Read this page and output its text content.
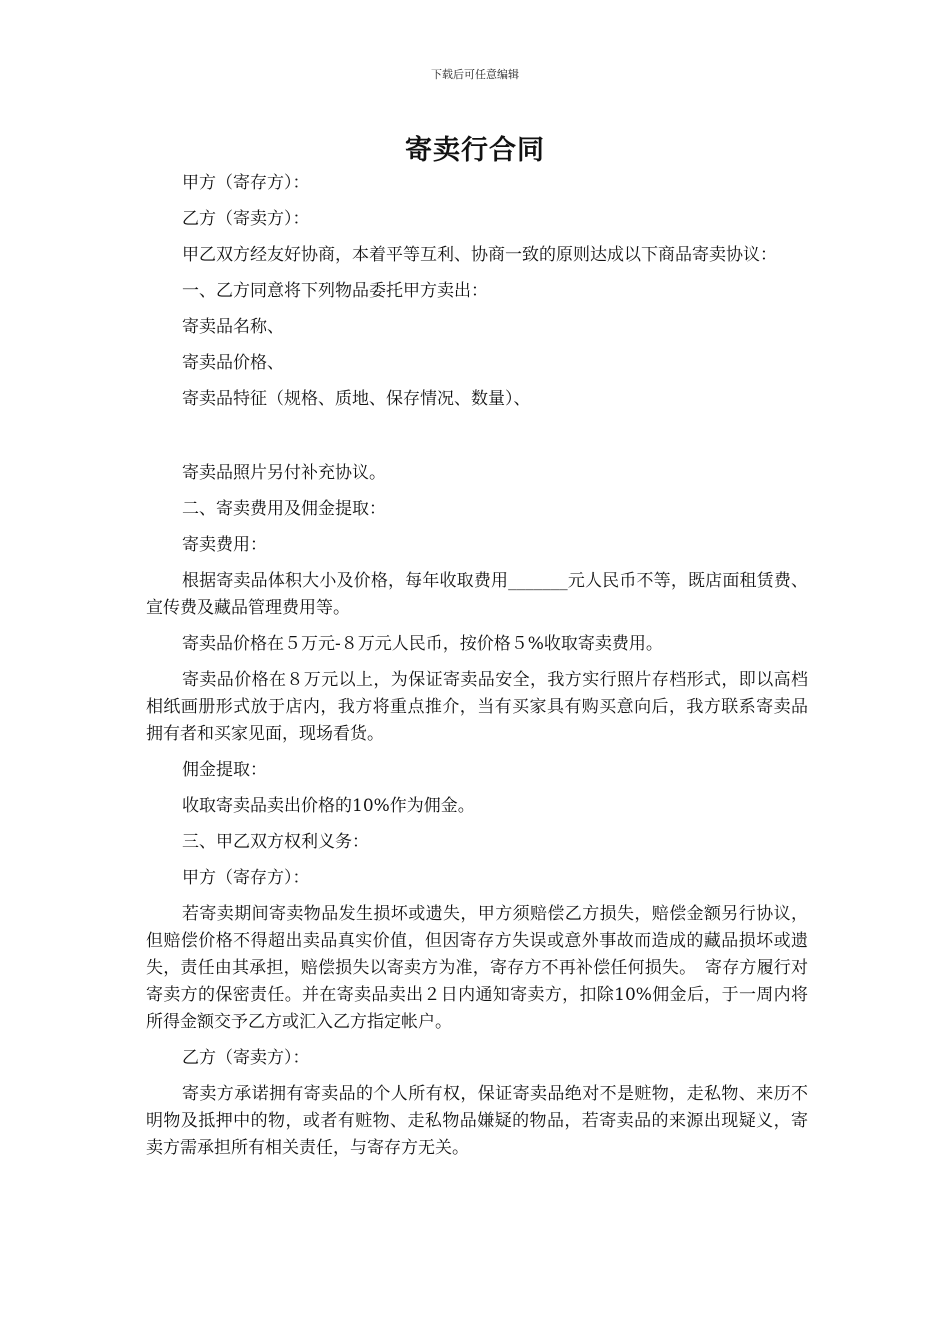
下载后可任意编辑
寄卖行合同

甲方（寄存方）：

乙方（寄卖方）：

甲乙双方经友好协商，本着平等互利、协商一致的原则达成以下商品寄卖协议：

一、乙方同意将下列物品委托甲方卖出：

寄卖品名称、

寄卖品价格、

寄卖品特征（规格、质地、保存情况、数量）、

寄卖品照片另付补充协议。

二、寄卖费用及佣金提取：

寄卖费用：

根据寄卖品体积大小及价格，每年收取费用_______元人民币不等，既店面租赁费、宣传费及藏品管理费用等。

寄卖品价格在５万元-８万元人民币，按价格５%收取寄卖费用。

寄卖品价格在８万元以上，为保证寄卖品安全，我方实行照片存档形式，即以高档相纸画册形式放于店内，我方将重点推介，当有买家具有购买意向后，我方联系寄卖品拥有者和买家见面，现场看货。

佣金提取：

收取寄卖品卖出价格的10%作为佣金。

三、甲乙双方权利义务：

甲方（寄存方）：

若寄卖期间寄卖物品发生损坏或遗失，甲方须赔偿乙方损失，赔偿金额另行协议，但赔偿价格不得超出卖品真实价值，但因寄存方失误或意外事故而造成的藏品损坏或遗失，责任由其承担，赔偿损失以寄卖方为准，寄存方不再补偿任何损失。　寄存方履行对寄卖方的保密责任。并在寄卖品卖出２日内通知寄卖方，扣除10%佣金后，于一周内将所得金额交予乙方或汇入乙方指定帐户。

乙方（寄卖方）：

寄卖方承诺拥有寄卖品的个人所有权，保证寄卖品绝对不是赃物，走私物、来历不明物及抵押中的物，或者有赃物、走私物品嫌疑的物品，若寄卖品的来源出现疑义，寄卖方需承担所有相关责任，与寄存方无关。
